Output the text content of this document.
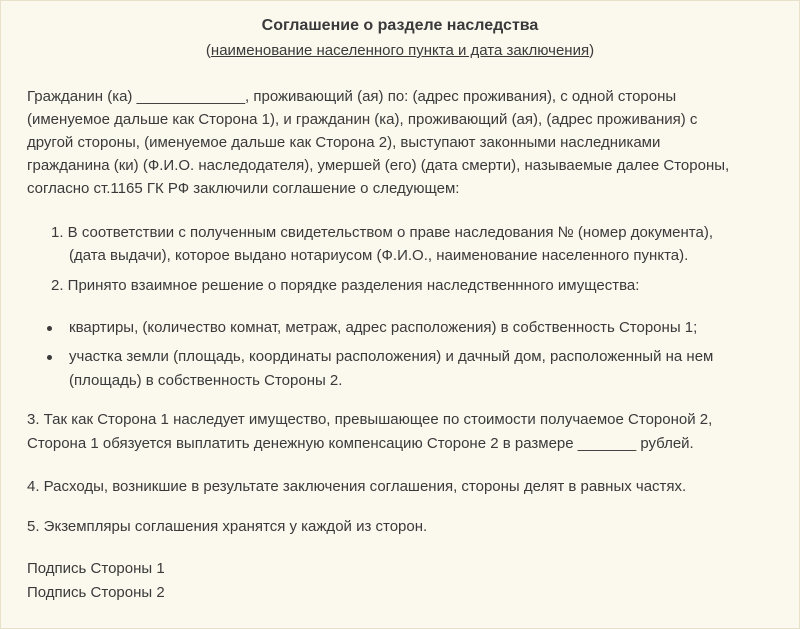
Соглашение о разделе наследства
(наименование населенного пункта и дата заключения)
Гражданин (ка) _____________, проживающий (ая) по: (адрес проживания), с одной стороны
(именуемое дальше как Сторона 1), и гражданин (ка), проживающий (ая), (адрес проживания) с
другой стороны, (именуемое дальше как Сторона 2), выступают законными наследниками
гражданина (ки) (Ф.И.О. наследодателя), умершей (его) (дата смерти), называемые далее Стороны,
согласно ст.1165 ГК РФ заключили соглашение о следующем:
1. В соответствии с полученным свидетельством о праве наследования № (номер документа),
(дата выдачи), которое выдано нотариусом (Ф.И.О., наименование населенного пункта).
2. Принято взаимное решение о порядке разделения наследственнного имущества:
квартиры, (количество комнат, метраж, адрес расположения) в собственность Стороны 1;
участка земли (площадь, координаты расположения) и дачный дом, расположенный на нем
(площадь) в собственность Стороны 2.
3. Так как Сторона 1 наследует имущество, превышающее по стоимости получаемое Стороной 2,
Сторона 1 обязуется выплатить денежную компенсацию Стороне 2 в размере _______ рублей.
4. Расходы, возникшие в результате заключения соглашения, стороны делят в равных частях.
5. Экземпляры соглашения хранятся у каждой из сторон.
Подпись Стороны 1
Подпись Стороны 2
